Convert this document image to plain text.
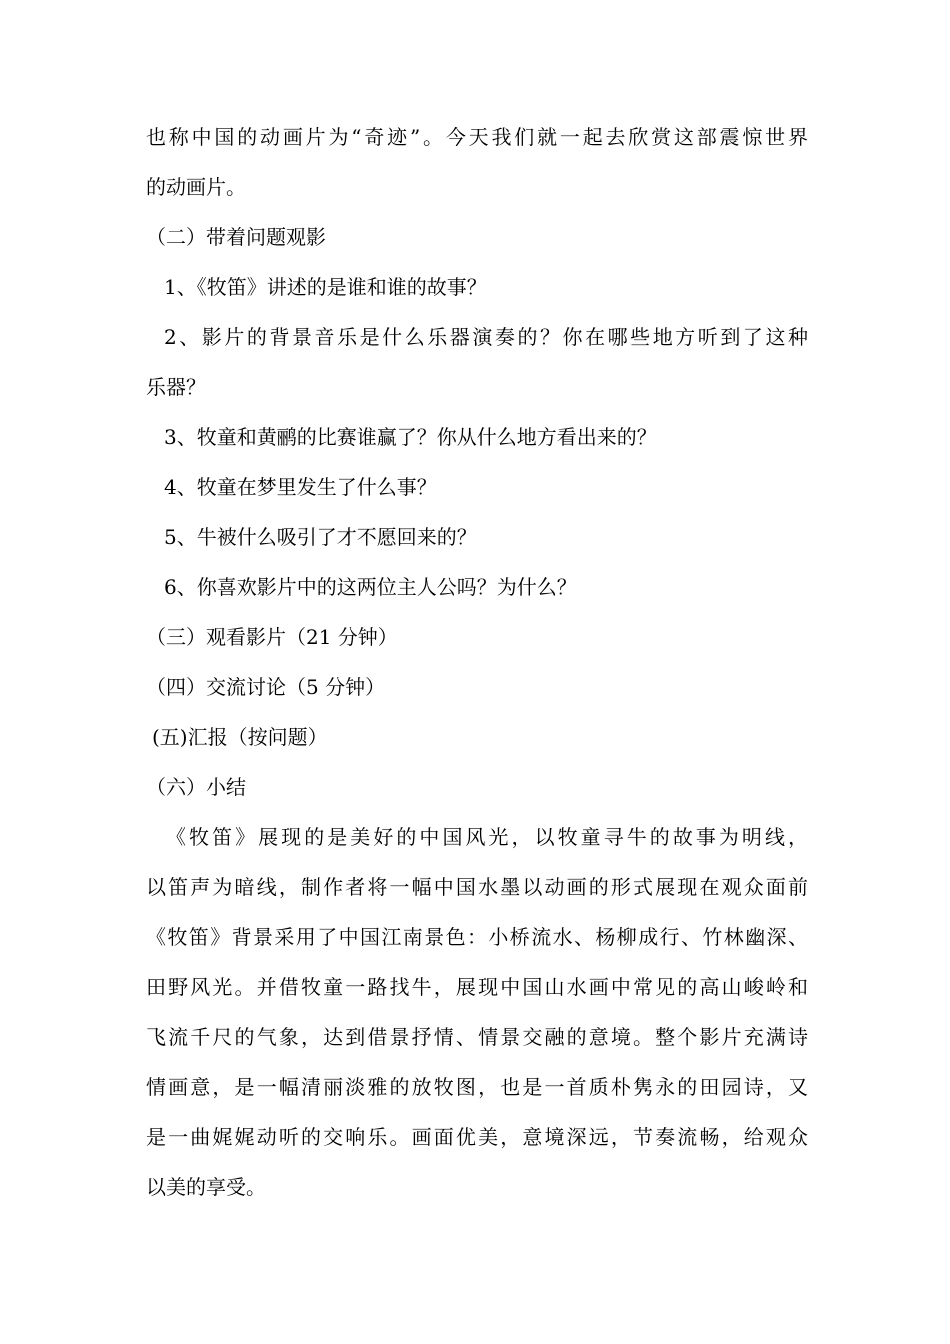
也称中国的动画片为“奇迹”。今天我们就一起去欣赏这部震惊世界
的动画片。
（二）带着问题观影
1、《牧笛》讲述的是谁和谁的故事？
2、影片的背景音乐是什么乐器演奏的？你在哪些地方听到了这种
乐器？
3、牧童和黄鹂的比赛谁赢了？你从什么地方看出来的？
4、牧童在梦里发生了什么事？
5、牛被什么吸引了才不愿回来的？
6、你喜欢影片中的这两位主人公吗？为什么？
（三）观看影片（21 分钟）
（四）交流讨论（5 分钟）
(五)汇报（按问题）
（六）小结
《牧笛》展现的是美好的中国风光，以牧童寻牛的故事为明线，
以笛声为暗线，制作者将一幅中国水墨以动画的形式展现在观众面前
《牧笛》背景采用了中国江南景色：小桥流水、杨柳成行、竹林幽深、
田野风光。并借牧童一路找牛，展现中国山水画中常见的高山峻岭和
飞流千尺的气象，达到借景抒情、情景交融的意境。整个影片充满诗
情画意，是一幅清丽淡雅的放牧图，也是一首质朴隽永的田园诗，又
是一曲娓娓动听的交响乐。画面优美，意境深远，节奏流畅，给观众
以美的享受。
